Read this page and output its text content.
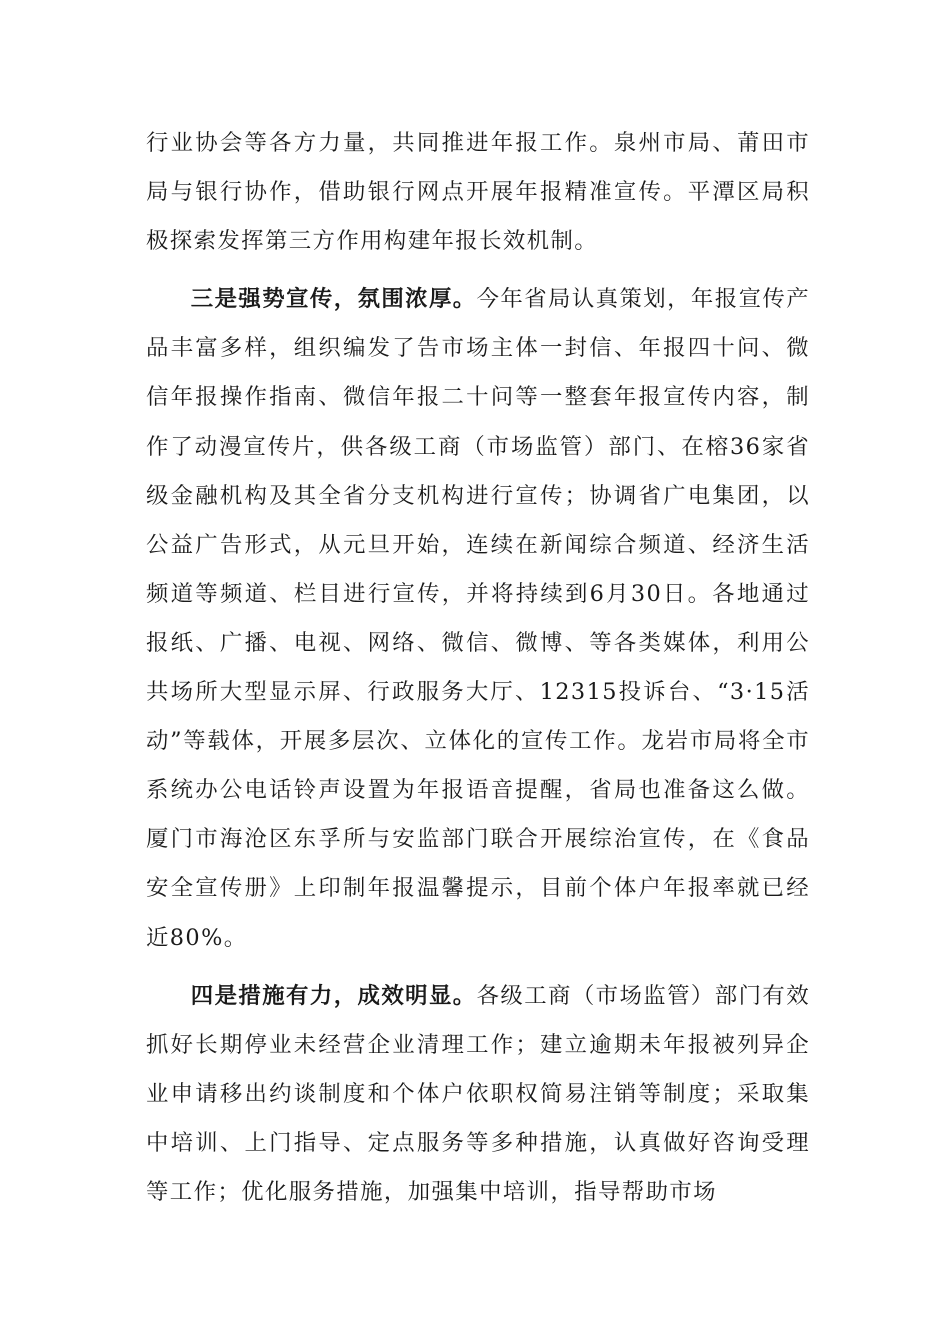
行业协会等各方力量，共同推进年报工作。泉州市局、莆田市局与银行协作，借助银行网点开展年报精准宣传。平潭区局积极探索发挥第三方作用构建年报长效机制。

三是强势宣传，氛围浓厚。今年省局认真策划，年报宣传产品丰富多样，组织编发了告市场主体一封信、年报四十问、微信年报操作指南、微信年报二十问等一整套年报宣传内容，制作了动漫宣传片，供各级工商（市场监管）部门、在榕36家省级金融机构及其全省分支机构进行宣传；协调省广电集团，以公益广告形式，从元旦开始，连续在新闻综合频道、经济生活频道等频道、栏目进行宣传，并将持续到6月30日。各地通过报纸、广播、电视、网络、微信、微博、等各类媒体，利用公共场所大型显示屏、行政服务大厅、12315投诉台、“3·15活动”等载体，开展多层次、立体化的宣传工作。龙岩市局将全市系统办公电话铃声设置为年报语音提醒，省局也准备这么做。厦门市海沧区东孚所与安监部门联合开展综治宣传，在《食品安全宣传册》上印制年报温馨提示，目前个体户年报率就已经近80%。

四是措施有力，成效明显。各级工商（市场监管）部门有效抓好长期停业未经营企业清理工作；建立逾期未年报被列异企业申请移出约谈制度和个体户依职权简易注销等制度；采取集中培训、上门指导、定点服务等多种措施，认真做好咨询受理等工作；优化服务措施，加强集中培训，指导帮助市场
